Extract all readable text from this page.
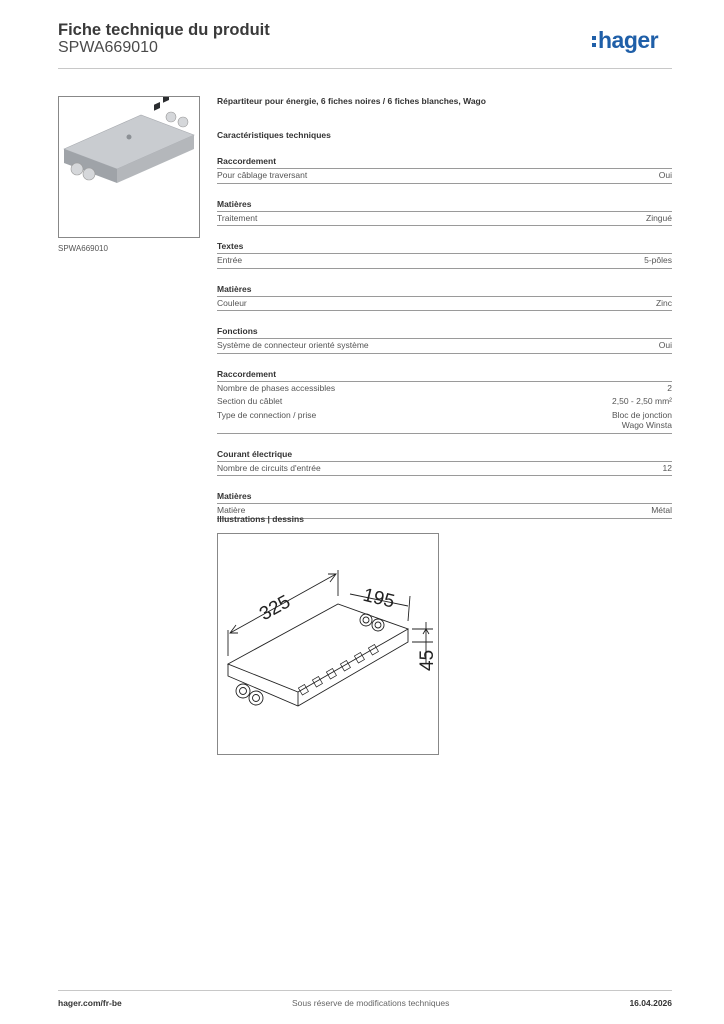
Fiche technique du produit
SPWA669010	hager
SPWA669010
Répartiteur pour énergie, 6 fiches noires / 6 fiches blanches, Wago
Caractéristiques techniques
Raccordement
Pour câblage traversant	Oui
Matières
Traitement	Zingué
Textes
Entrée	5-pôles
Matières
Couleur	Zinc
Fonctions
Système de connecteur orienté système	Oui
Raccordement
Nombre de phases accessibles	2
Section du câblet	2,50 - 2,50 mm²
Type de connection / prise	Bloc de jonction
Wago Winsta
Courant électrique
Nombre de circuits d'entrée	12
Matières
Matière	Métal
Illustrations | dessins
325	195
45
hager.com/fr-be	Sous réserve de modifications techniques	16.04.2026
